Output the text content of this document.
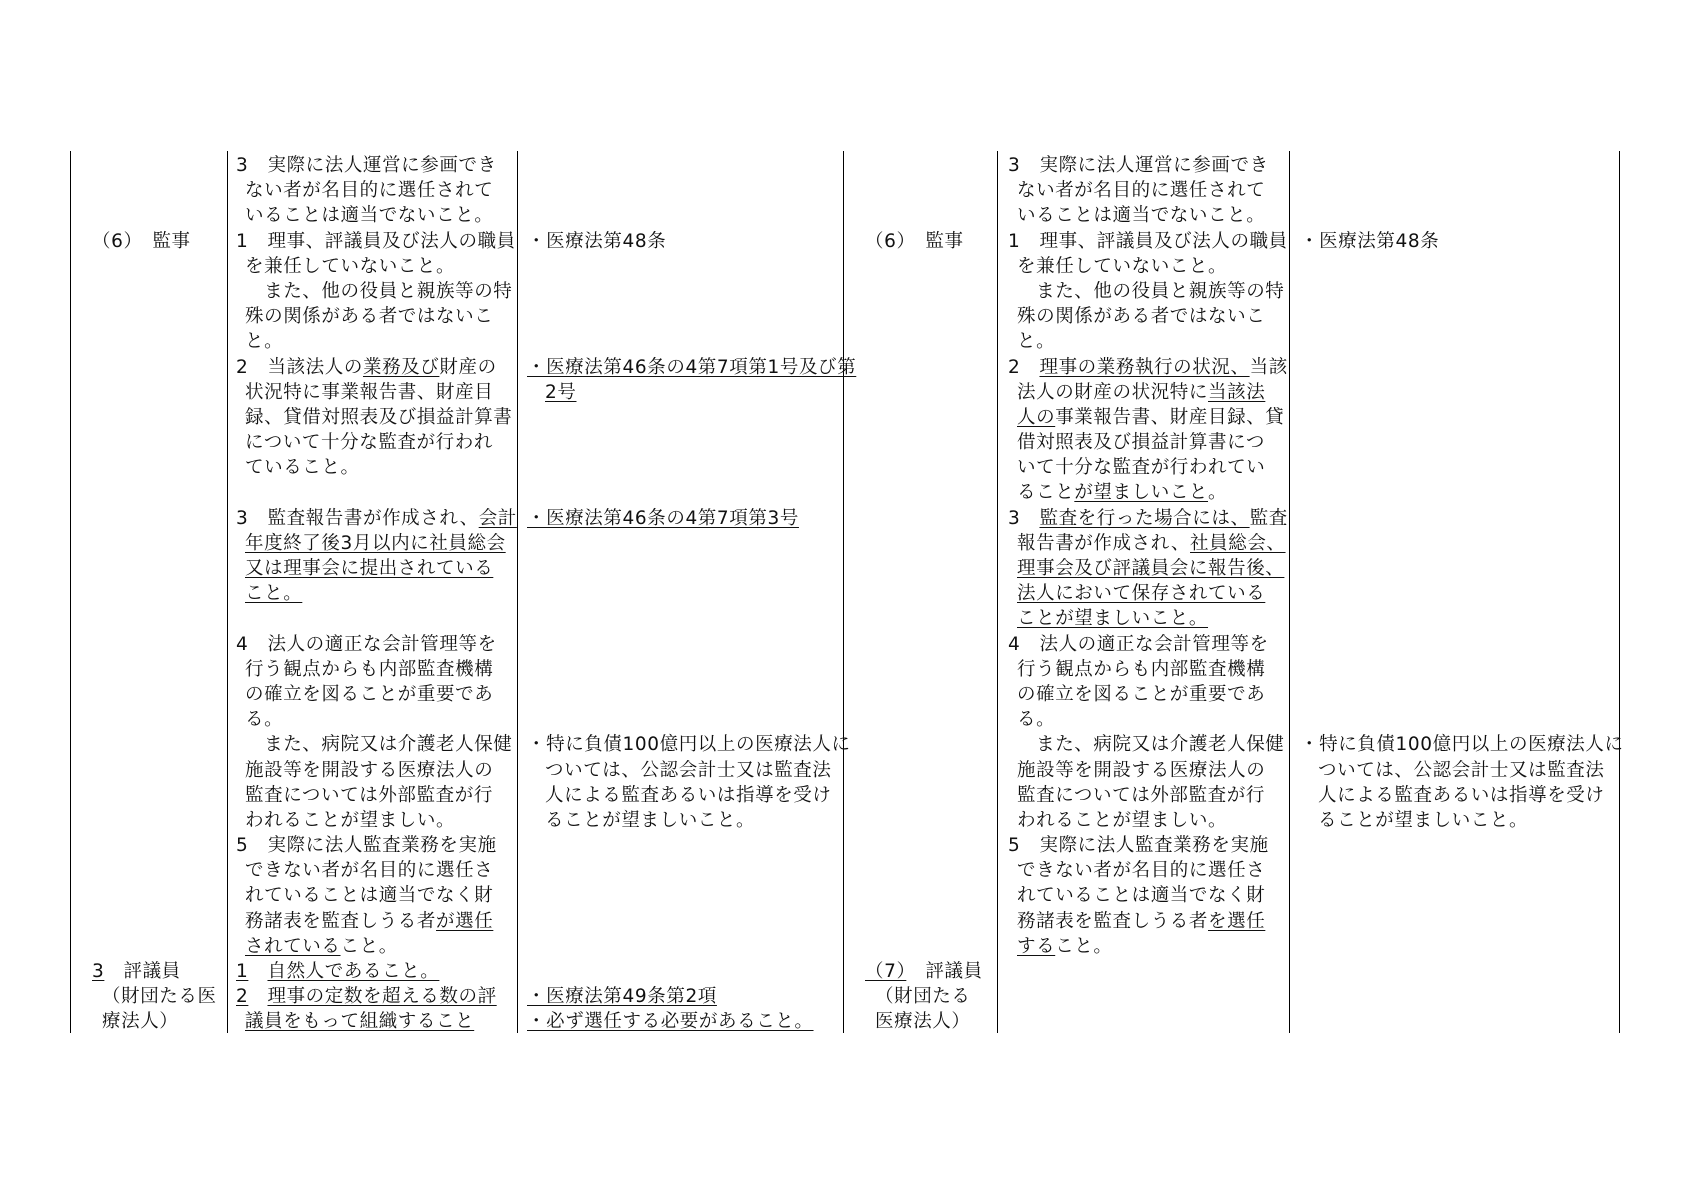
（6）　監事
3　評議員
（財団たる医
療法人）
3　実際に法人運営に参画でき
ない者が名目的に選任されて
いることは適当でないこと。
1　理事、評議員及び法人の職員
を兼任していないこと。
　また、他の役員と親族等の特
殊の関係がある者ではないこ
と。
2　当該法人の業務及び財産の
状況特に事業報告書、財産目
録、貸借対照表及び損益計算書
について十分な監査が行われ
ていること。
3　監査報告書が作成され、会計
年度終了後3月以内に社員総会
又は理事会に提出されている
こと。
4　法人の適正な会計管理等を
行う観点からも内部監査機構
の確立を図ることが重要であ
る。
　また、病院又は介護老人保健
施設等を開設する医療法人の
監査については外部監査が行
われることが望ましい。
5　実際に法人監査業務を実施
できない者が名目的に選任さ
れていることは適当でなく財
務諸表を監査しうる者が選任
されていること。
1　 自然人であること。
2　 理事の定数を超える数の評
議員をもって組織すること
・医療法第48条
・医療法第46条の4第7項第1号及び第
2号
・医療法第46条の4第7項第3号
・特に負債100億円以上の医療法人に
ついては、公認会計士又は監査法
人による監査あるいは指導を受け
ることが望ましいこと。
・医療法第49条第2項
・必ず選任する必要があること。
（6）　監事
（7）　評議員
（財団たる
医療法人）
3　実際に法人運営に参画でき
ない者が名目的に選任されて
いることは適当でないこと。
1　理事、評議員及び法人の職員
を兼任していないこと。
　また、他の役員と親族等の特
殊の関係がある者ではないこ
と。
2　理事の業務執行の状況、当該
法人の財産の状況特に当該法
人の事業報告書、財産目録、貸
借対照表及び損益計算書につ
いて十分な監査が行われてい
ることが望ましいこと。
3　監査を行った場合には、監査
報告書が作成され、社員総会、
理事会及び評議員会に報告後、
法人において保存されている
ことが望ましいこと。
4　法人の適正な会計管理等を
行う観点からも内部監査機構
の確立を図ることが重要であ
る。
　また、病院又は介護老人保健
施設等を開設する医療法人の
監査については外部監査が行
われることが望ましい。
5　実際に法人監査業務を実施
できない者が名目的に選任さ
れていることは適当でなく財
務諸表を監査しうる者を選任
すること。
・医療法第48条
・特に負債100億円以上の医療法人に
ついては、公認会計士又は監査法
人による監査あるいは指導を受け
ることが望ましいこと。
